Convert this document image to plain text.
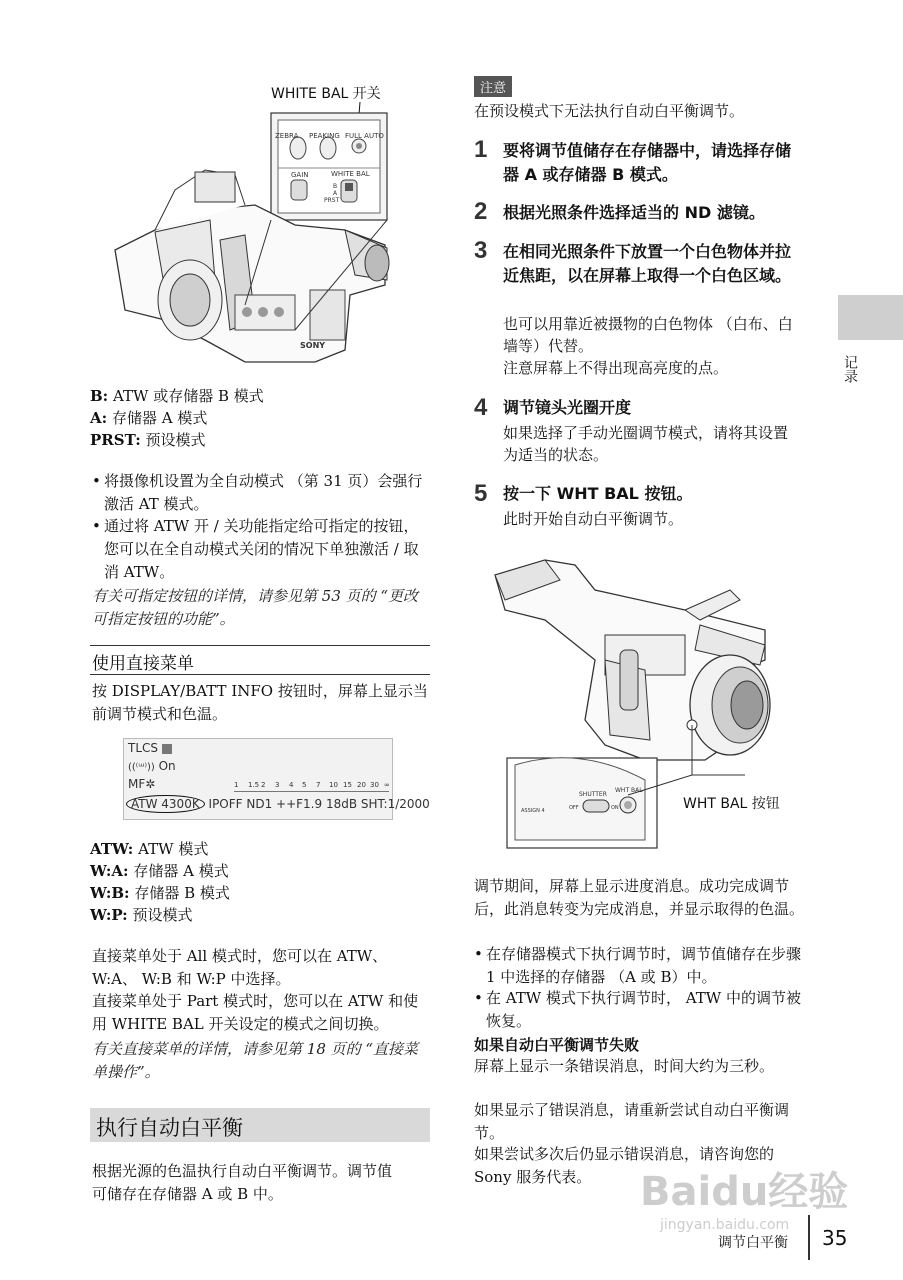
WHITE BAL 开关
ZEBRA PEAKING FULL AUTO
GAIN	WHITE BAL
B
A
PRST
SONY
B: ATW 或存储器 B 模式
A: 存储器 A 模式
PRST: 预设模式
• 将摄像机设置为全自动模式 （第 31 页）会强行激活 AT 模式。
• 通过将 ATW 开 / 关功能指定给可指定的按钮，您可以在全自动模式关闭的情况下单独激活 / 取消 ATW。
有关可指定按钮的详情，请参见第 53 页的 “更改可指定按钮的功能”。
使用直接菜单
按 DISPLAY/BATT INFO 按钮时，屏幕上显示当前调节模式和色温。
TLCS
((⁽ᵚ⁾)) On
MF✲	1 1.5 2 3 4 5 7 10 15 20 30 ∞
ATW 4300K IPOFF ND1 ++F1.9 18dB SHT:1/2000
ATW: ATW 模式
W:A: 存储器 A 模式
W:B: 存储器 B 模式
W:P: 预设模式
直接菜单处于 All 模式时，您可以在 ATW、W:A、 W:B 和 W:P 中选择。
直接菜单处于 Part 模式时，您可以在 ATW 和使用 WHITE BAL 开关设定的模式之间切换。
有关直接菜单的详情，请参见第 18 页的 “直接菜单操作”。
执行自动白平衡
根据光源的色温执行自动白平衡调节。调节值可储存在存储器 A 或 B 中。
注意
在预设模式下无法执行自动白平衡调节。
1 要将调节值储存在存储器中，请选择存储器 A 或存储器 B 模式。
2 根据光照条件选择适当的 ND 滤镜。
3 在相同光照条件下放置一个白色物体并拉近焦距，以在屏幕上取得一个白色区域。
也可以用靠近被摄物的白色物体 （白布、白墙等）代替。
注意屏幕上不得出现高亮度的点。
4 调节镜头光圈开度
如果选择了手动光圈调节模式，请将其设置为适当的状态。
5 按一下 WHT BAL 按钮。
此时开始自动白平衡调节。
WHT BAL
SHUTTER
OFF	ON
ASSIGN 4	WHT BAL 按钮
调节期间，屏幕上显示进度消息。成功完成调节后，此消息转变为完成消息，并显示取得的色温。
• 在存储器模式下执行调节时，调节值储存在步骤 1 中选择的存储器 （A 或 B）中。
• 在 ATW 模式下执行调节时， ATW 中的调节被恢复。
如果自动白平衡调节失败
屏幕上显示一条错误消息，时间大约为三秒。
如果显示了错误消息，请重新尝试自动白平衡调节。
如果尝试多次后仍显示错误消息，请咨询您的 Sony 服务代表。
记录
Baidu经验
jingyan.baidu.com
调节白平衡 35
